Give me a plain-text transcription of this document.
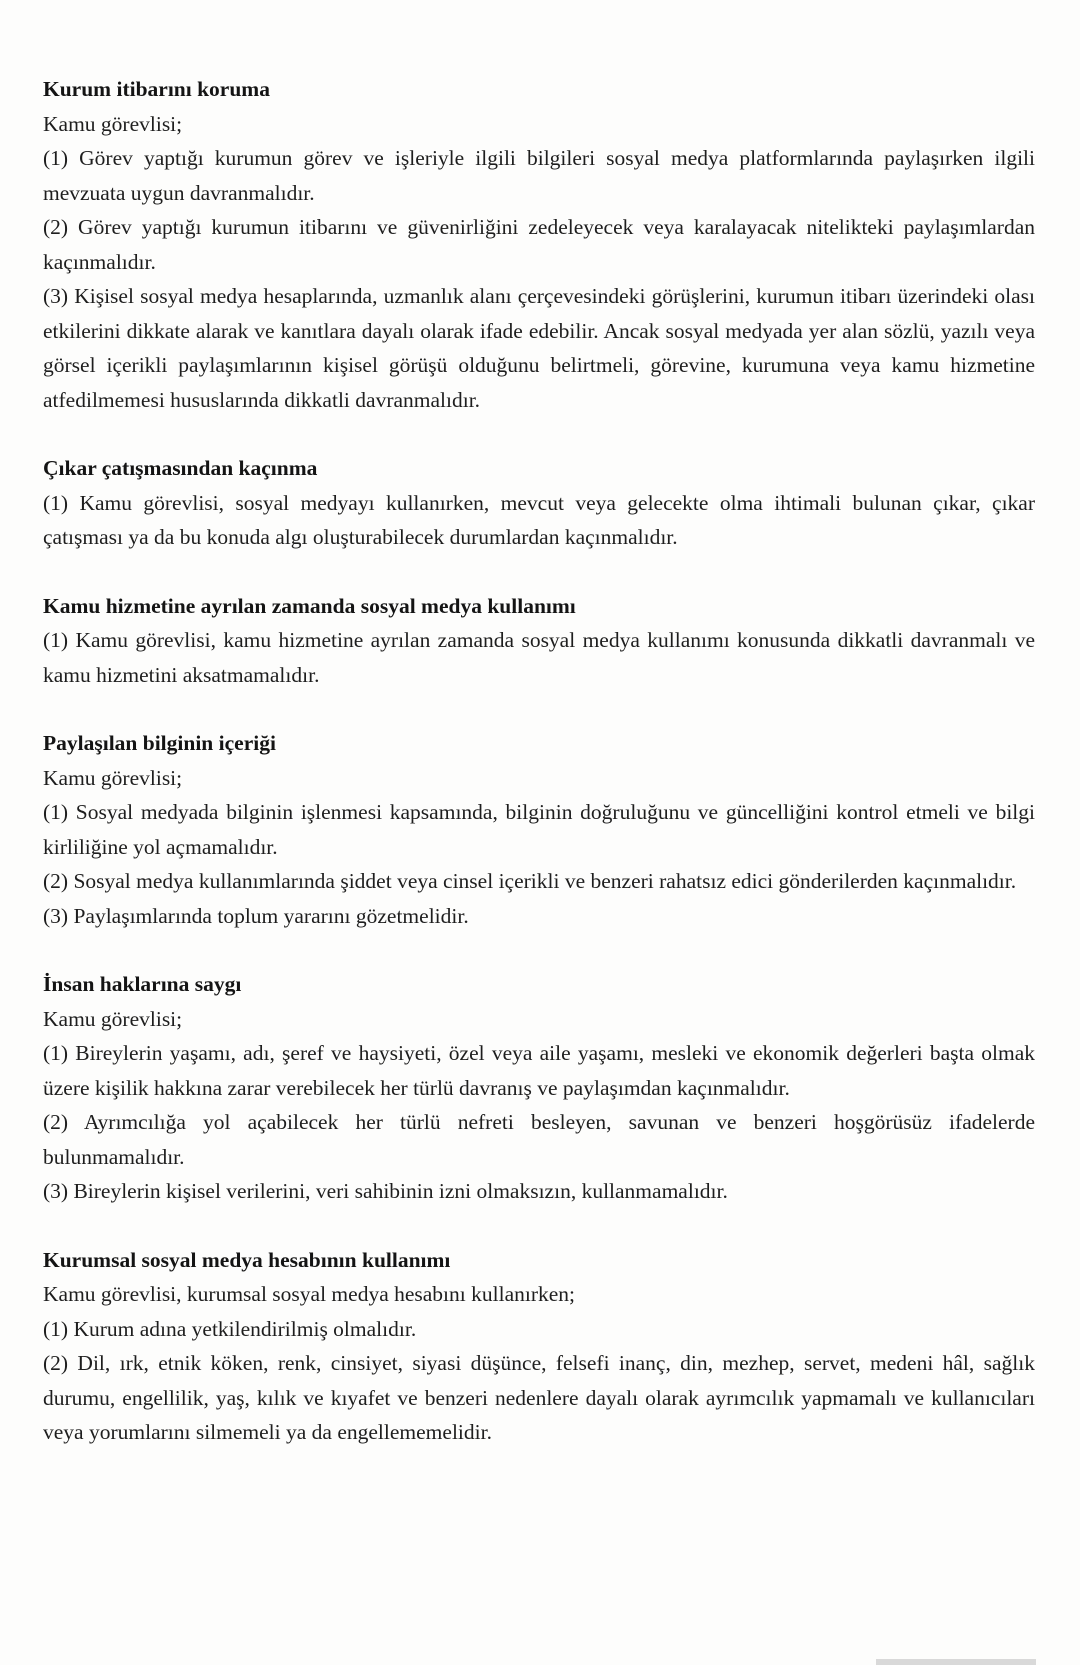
Kurum itibarını koruma

Kamu görevlisi;

(1) Görev yaptığı kurumun görev ve işleriyle ilgili bilgileri sosyal medya platformlarında paylaşırken ilgili mevzuata uygun davranmalıdır.

(2) Görev yaptığı kurumun itibarını ve güvenirliğini zedeleyecek veya karalayacak nitelikteki paylaşımlardan kaçınmalıdır.

(3) Kişisel sosyal medya hesaplarında, uzmanlık alanı çerçevesindeki görüşlerini, kurumun itibarı üzerindeki olası etkilerini dikkate alarak ve kanıtlara dayalı olarak ifade edebilir. Ancak sosyal medyada yer alan sözlü, yazılı veya görsel içerikli paylaşımlarının kişisel görüşü olduğunu belirtmeli, görevine, kurumuna veya kamu hizmetine atfedilmemesi hususlarında dikkatli davranmalıdır.

Çıkar çatışmasından kaçınma

(1) Kamu görevlisi, sosyal medyayı kullanırken, mevcut veya gelecekte olma ihtimali bulunan çıkar, çıkar çatışması ya da bu konuda algı oluşturabilecek durumlardan kaçınmalıdır.

Kamu hizmetine ayrılan zamanda sosyal medya kullanımı

(1) Kamu görevlisi, kamu hizmetine ayrılan zamanda sosyal medya kullanımı konusunda dikkatli davranmalı ve kamu hizmetini aksatmamalıdır.

Paylaşılan bilginin içeriği

Kamu görevlisi;

(1) Sosyal medyada bilginin işlenmesi kapsamında, bilginin doğruluğunu ve güncelliğini kontrol etmeli ve bilgi kirliliğine yol açmamalıdır.

(2) Sosyal medya kullanımlarında şiddet veya cinsel içerikli ve benzeri rahatsız edici gönderilerden kaçınmalıdır.

(3) Paylaşımlarında toplum yararını gözetmelidir.

İnsan haklarına saygı

Kamu görevlisi;

(1) Bireylerin yaşamı, adı, şeref ve haysiyeti, özel veya aile yaşamı, mesleki ve ekonomik değerleri başta olmak üzere kişilik hakkına zarar verebilecek her türlü davranış ve paylaşımdan kaçınmalıdır.

(2) Ayrımcılığa yol açabilecek her türlü nefreti besleyen, savunan ve benzeri hoşgörüsüz ifadelerde bulunmamalıdır.

(3) Bireylerin kişisel verilerini, veri sahibinin izni olmaksızın, kullanmamalıdır.

Kurumsal sosyal medya hesabının kullanımı

Kamu görevlisi, kurumsal sosyal medya hesabını kullanırken;

(1) Kurum adına yetkilendirilmiş olmalıdır.

(2) Dil, ırk, etnik köken, renk, cinsiyet, siyasi düşünce, felsefi inanç, din, mezhep, servet, medeni hâl, sağlık durumu, engellilik, yaş, kılık ve kıyafet ve benzeri nedenlere dayalı olarak ayrımcılık yapmamalı ve kullanıcıları veya yorumlarını silmemeli ya da engellememelidir.
